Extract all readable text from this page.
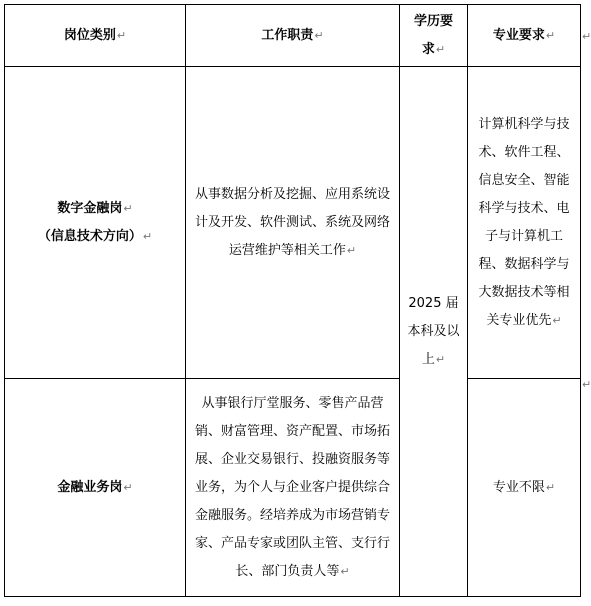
岗位类别↵	工作职责↵	学历要求↵	专业要求↵

数字金融岗↵
（信息技术方向）↵	从事数据分析及挖掘、应用系统设计及开发、软件测试、系统及网络运营维护等相关工作↵	2025 届本科及以上↵	计算机科学与技术、软件工程、信息安全、智能科学与技术、电子与计算机工程、数据科学与大数据技术等相关专业优先↵

金融业务岗↵	从事银行厅堂服务、零售产品营销、财富管理、资产配置、市场拓展、企业交易银行、投融资服务等业务，为个人与企业客户提供综合金融服务。经培养成为市场营销专家、产品专家或团队主管、支行行长、部门负责人等↵		专业不限↵
↵
↵
